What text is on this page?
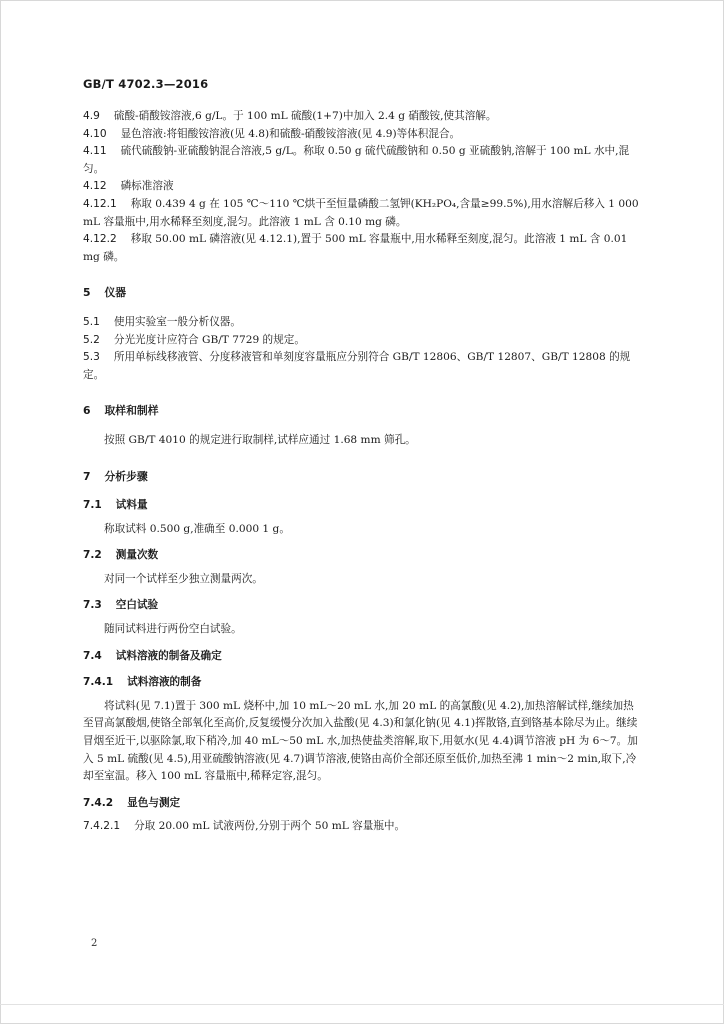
GB/T 4702.3—2016

4.9 硫酸-硝酸铵溶液,6 g/L。于 100 mL 硫酸(1+7)中加入 2.4 g 硝酸铵,使其溶解。

4.10 显色溶液:将钼酸铵溶液(见 4.8)和硫酸-硝酸铵溶液(见 4.9)等体积混合。

4.11 硫代硫酸钠-亚硫酸钠混合溶液,5 g/L。称取 0.50 g 硫代硫酸钠和 0.50 g 亚硫酸钠,溶解于 100 mL 水中,混匀。

4.12 磷标准溶液

4.12.1 称取 0.439 4 g 在 105 ℃～110 ℃烘干至恒量磷酸二氢钾(KH₂PO₄,含量≥99.5%),用水溶解后移入 1 000 mL 容量瓶中,用水稀释至刻度,混匀。此溶液 1 mL 含 0.10 mg 磷。

4.12.2 移取 50.00 mL 磷溶液(见 4.12.1),置于 500 mL 容量瓶中,用水稀释至刻度,混匀。此溶液 1 mL 含 0.01 mg 磷。

5 仪器

5.1 使用实验室一般分析仪器。

5.2 分光光度计应符合 GB/T 7729 的规定。

5.3 所用单标线移液管、分度移液管和单刻度容量瓶应分别符合 GB/T 12806、GB/T 12807、GB/T 12808 的规定。

6 取样和制样

按照 GB/T 4010 的规定进行取制样,试样应通过 1.68 mm 筛孔。

7 分析步骤
7.1 试料量

称取试料 0.500 g,准确至 0.000 1 g。

7.2 测量次数

对同一个试样至少独立测量两次。

7.3 空白试验

随同试料进行两份空白试验。

7.4 试料溶液的制备及确定
7.4.1 试料溶液的制备

将试料(见 7.1)置于 300 mL 烧杯中,加 10 mL～20 mL 水,加 20 mL 的高氯酸(见 4.2),加热溶解试样,继续加热至冒高氯酸烟,使铬全部氧化至高价,反复缓慢分次加入盐酸(见 4.3)和氯化钠(见 4.1)挥散铬,直到铬基本除尽为止。继续冒烟至近干,以驱除氯,取下稍冷,加 40 mL～50 mL 水,加热使盐类溶解,取下,用氨水(见 4.4)调节溶液 pH 为 6～7。加入 5 mL 硫酸(见 4.5),用亚硫酸钠溶液(见 4.7)调节溶液,使铬由高价全部还原至低价,加热至沸 1 min～2 min,取下,冷却至室温。移入 100 mL 容量瓶中,稀释定容,混匀。

7.4.2 显色与测定

7.4.2.1 分取 20.00 mL 试液两份,分别于两个 50 mL 容量瓶中。

2
